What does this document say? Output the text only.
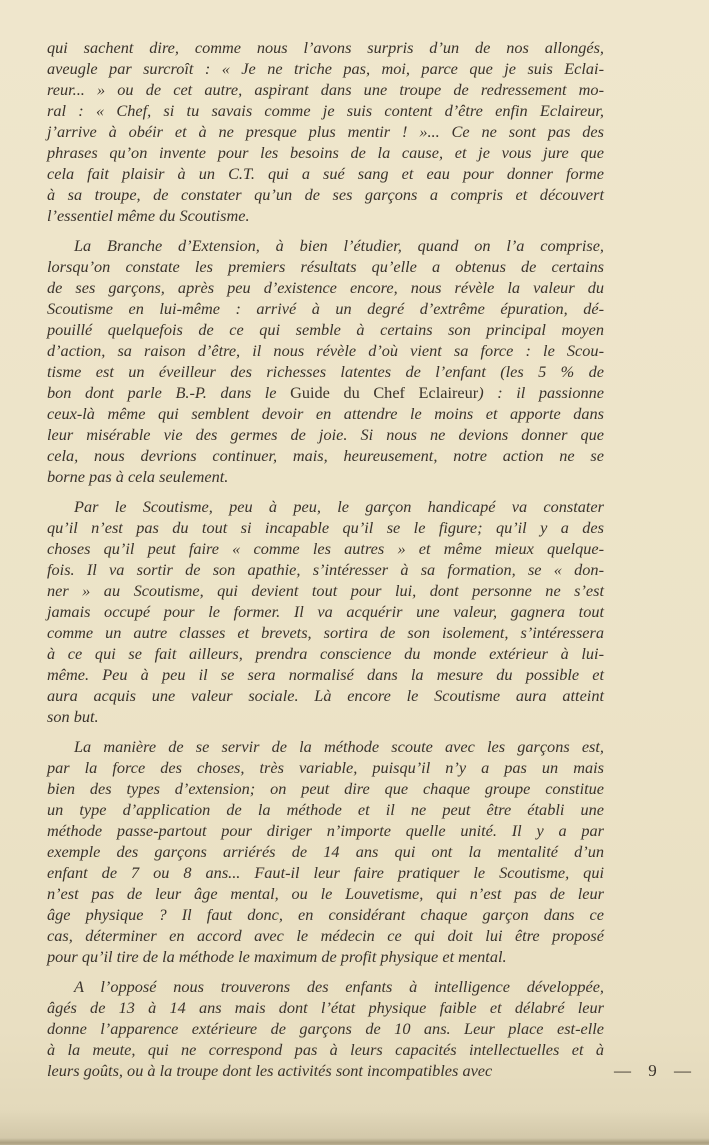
qui sachent dire, comme nous l’avons surpris d’un de nos allongés,
aveugle par surcroît : « Je ne triche pas, moi, parce que je suis Eclai-
reur... » ou de cet autre, aspirant dans une troupe de redressement mo-
ral : « Chef, si tu savais comme je suis content d’être enfin Eclaireur,
j’arrive à obéir et à ne presque plus mentir ! »... Ce ne sont pas des
phrases qu’on invente pour les besoins de la cause, et je vous jure que
cela fait plaisir à un C.T. qui a sué sang et eau pour donner forme
à sa troupe, de constater qu’un de ses garçons a compris et découvert
l’essentiel même du Scoutisme.
La Branche d’Extension, à bien l’étudier, quand on l’a comprise,
lorsqu’on constate les premiers résultats qu’elle a obtenus de certains
de ses garçons, après peu d’existence encore, nous révèle la valeur du
Scoutisme en lui-même : arrivé à un degré d’extrême épuration, dé-
pouillé quelquefois de ce qui semble à certains son principal moyen
d’action, sa raison d’être, il nous révèle d’où vient sa force : le Scou-
tisme est un éveilleur des richesses latentes de l’enfant (les 5 % de
bon dont parle B.-P. dans le Guide du Chef Eclaireur) : il passionne
ceux-là même qui semblent devoir en attendre le moins et apporte dans
leur misérable vie des germes de joie. Si nous ne devions donner que
cela, nous devrions continuer, mais, heureusement, notre action ne se
borne pas à cela seulement.
Par le Scoutisme, peu à peu, le garçon handicapé va constater
qu’il n’est pas du tout si incapable qu’il se le figure; qu’il y a des
choses qu’il peut faire « comme les autres » et même mieux quelque-
fois. Il va sortir de son apathie, s’intéresser à sa formation, se « don-
ner » au Scoutisme, qui devient tout pour lui, dont personne ne s’est
jamais occupé pour le former. Il va acquérir une valeur, gagnera tout
comme un autre classes et brevets, sortira de son isolement, s’intéressera
à ce qui se fait ailleurs, prendra conscience du monde extérieur à lui-
même. Peu à peu il se sera normalisé dans la mesure du possible et
aura acquis une valeur sociale. Là encore le Scoutisme aura atteint
son but.
La manière de se servir de la méthode scoute avec les garçons est,
par la force des choses, très variable, puisqu’il n’y a pas un mais
bien des types d’extension; on peut dire que chaque groupe constitue
un type d’application de la méthode et il ne peut être établi une
méthode passe-partout pour diriger n’importe quelle unité. Il y a par
exemple des garçons arriérés de 14 ans qui ont la mentalité d’un
enfant de 7 ou 8 ans... Faut-il leur faire pratiquer le Scoutisme, qui
n’est pas de leur âge mental, ou le Louvetisme, qui n’est pas de leur
âge physique ? Il faut donc, en considérant chaque garçon dans ce
cas, déterminer en accord avec le médecin ce qui doit lui être proposé
pour qu’il tire de la méthode le maximum de profit physique et mental.
A l’opposé nous trouverons des enfants à intelligence développée,
âgés de 13 à 14 ans mais dont l’état physique faible et délabré leur
donne l’apparence extérieure de garçons de 10 ans. Leur place est-elle
à la meute, qui ne correspond pas à leurs capacités intellectuelles et à
leurs goûts, ou à la troupe dont les activités sont incompatibles avec	— 9 —
